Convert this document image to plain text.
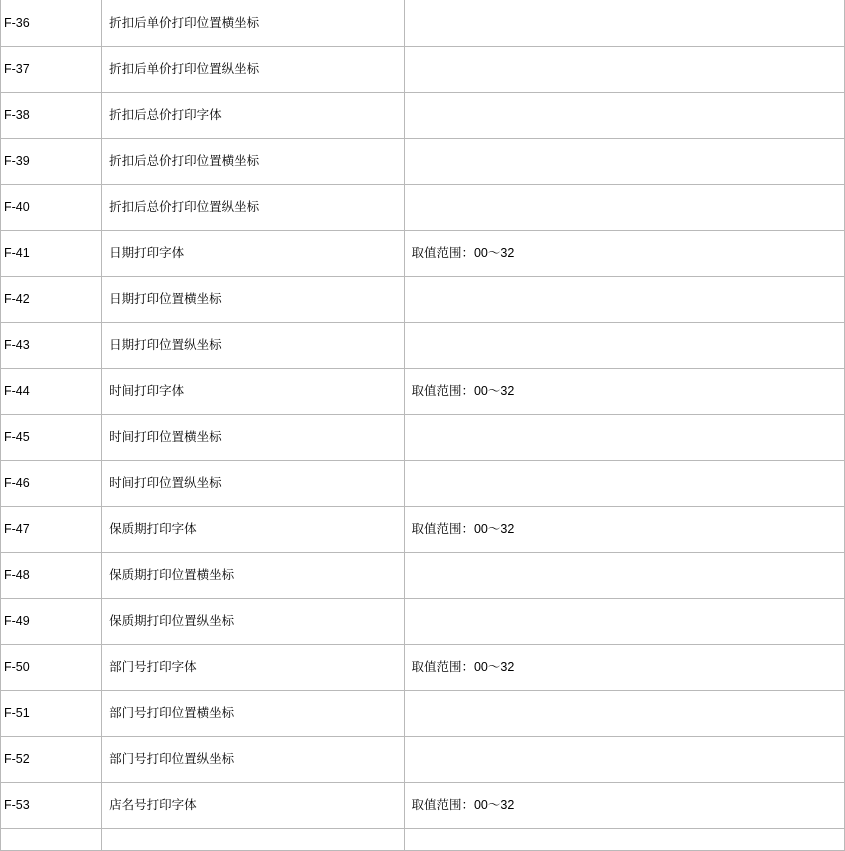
F-36	折扣后单价打印位置横坐标	
F-37	折扣后单价打印位置纵坐标	
F-38	折扣后总价打印字体	
F-39	折扣后总价打印位置横坐标	
F-40	折扣后总价打印位置纵坐标	
F-41	日期打印字体	取值范围：00～32
F-42	日期打印位置横坐标	
F-43	日期打印位置纵坐标	
F-44	时间打印字体	取值范围：00～32
F-45	时间打印位置横坐标	
F-46	时间打印位置纵坐标	
F-47	保质期打印字体	取值范围：00～32
F-48	保质期打印位置横坐标	
F-49	保质期打印位置纵坐标	
F-50	部门号打印字体	取值范围：00～32
F-51	部门号打印位置横坐标	
F-52	部门号打印位置纵坐标	
F-53	店名号打印字体	取值范围：00～32
